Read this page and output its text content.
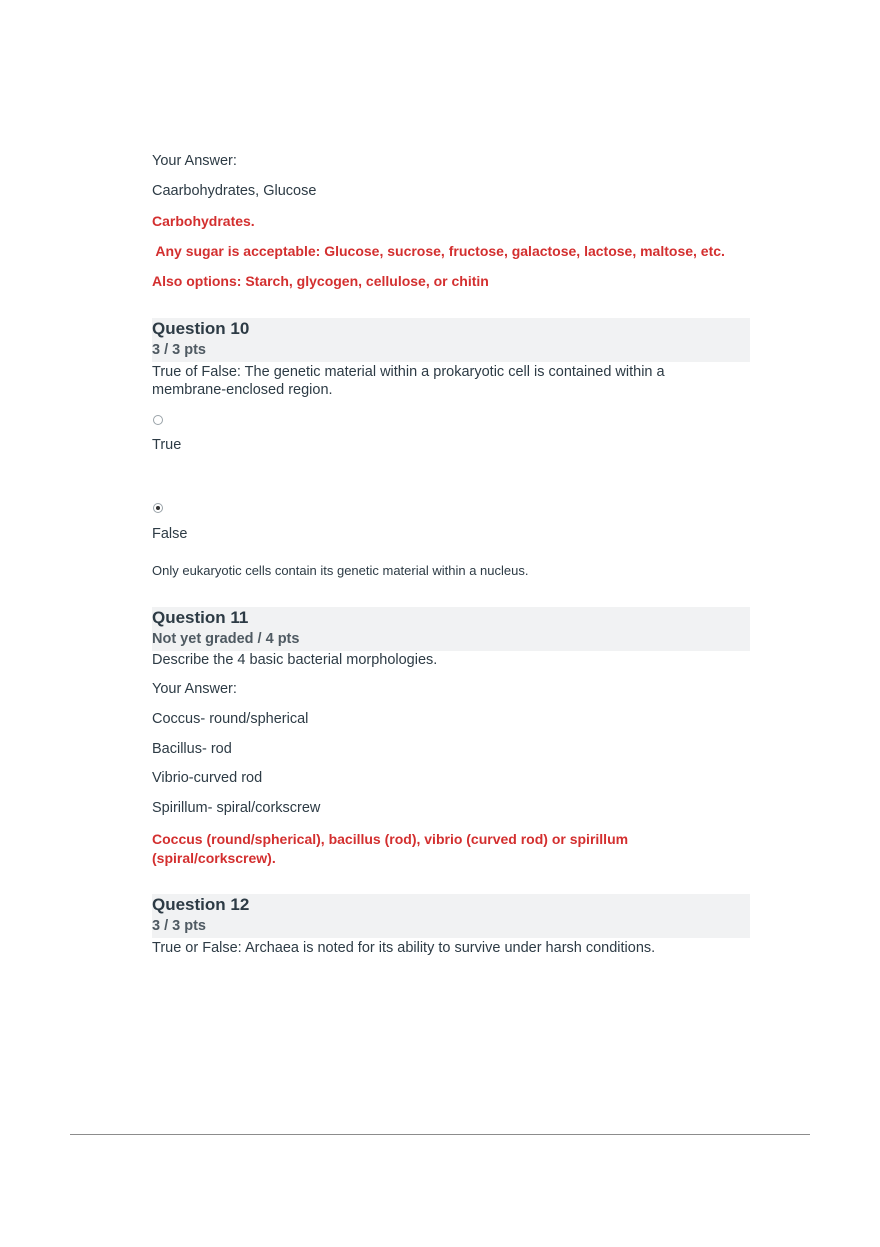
Your Answer:
Caarbohydrates, Glucose
Carbohydrates.
Any sugar is acceptable: Glucose, sucrose, fructose, galactose, lactose, maltose, etc.
Also options: Starch, glycogen, cellulose, or chitin
Question 10
3 / 3 pts
True of False: The genetic material within a prokaryotic cell is contained within a
membrane-enclosed region.
True
False
Only eukaryotic cells contain its genetic material within a nucleus.
Question 11
Not yet graded / 4 pts
Describe the 4 basic bacterial morphologies.
Your Answer:
Coccus- round/spherical
Bacillus- rod
Vibrio-curved rod
Spirillum- spiral/corkscrew
Coccus (round/spherical), bacillus (rod), vibrio (curved rod) or spirillum
(spiral/corkscrew).
Question 12
3 / 3 pts
True or False: Archaea is noted for its ability to survive under harsh conditions.
